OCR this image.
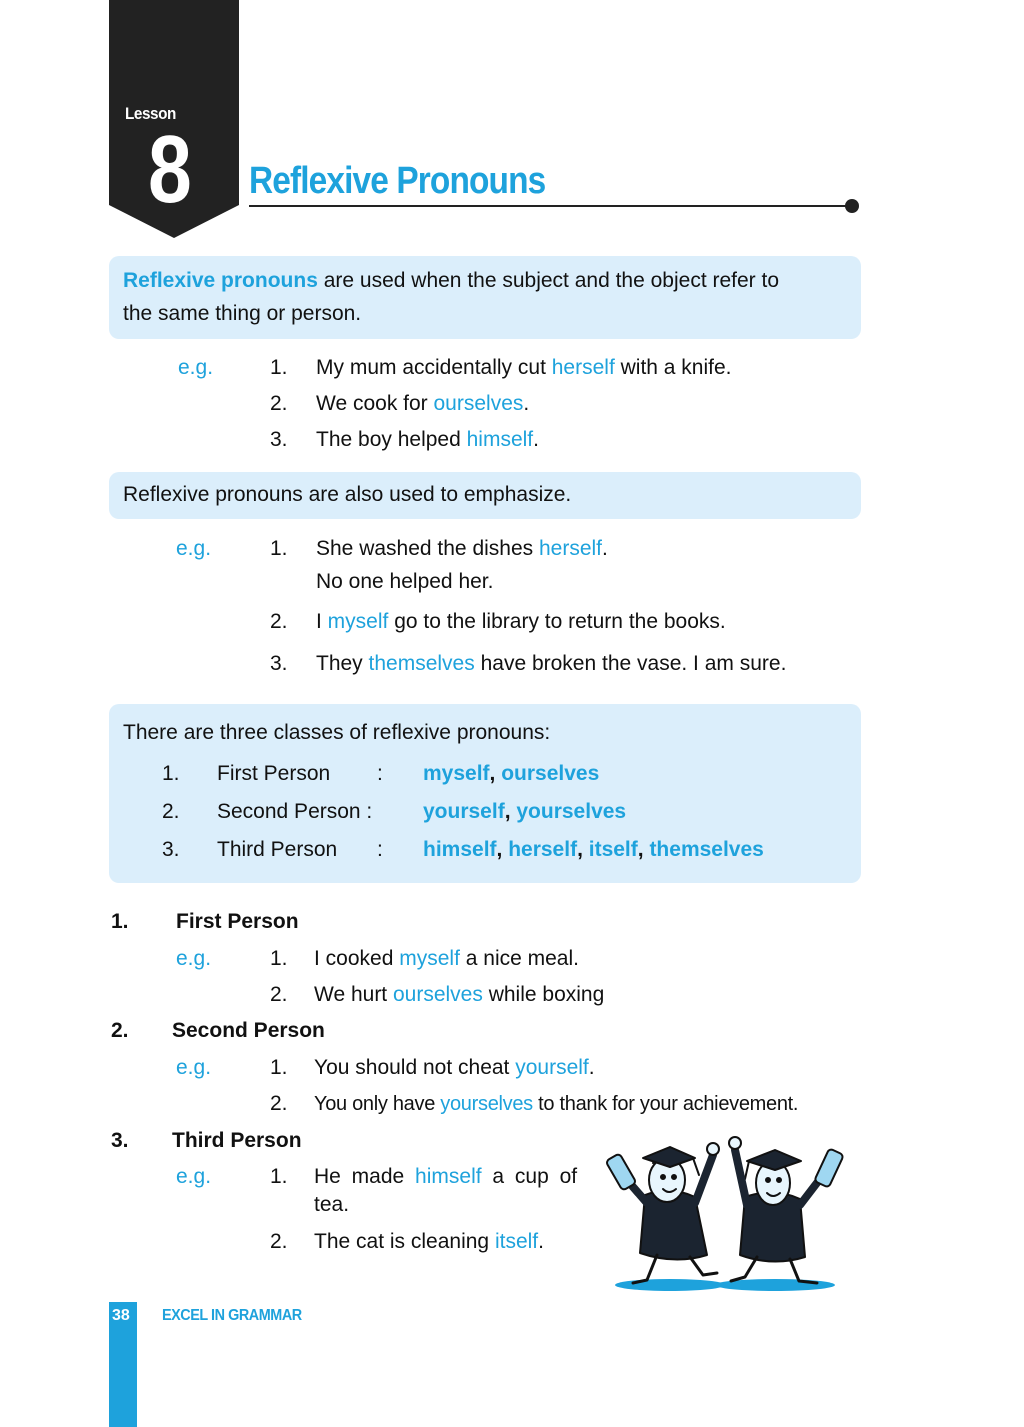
Lesson
8 Reflexive Pronouns
Reflexive pronouns are used when the subject and the object refer to
the same thing or person.
e.g.	1. My mum accidentally cut herself with a knife.
2. We cook for ourselves.
3. The boy helped himself.
Reflexive pronouns are also used to emphasize.
e.g.	1. She washed the dishes herself.
No one helped her.
2. I myself go to the library to return the books.
3. They themselves have broken the vase. I am sure.
There are three classes of reflexive pronouns:
1. First Person : myself, ourselves
2. Second Person : yourself, yourselves
3. Third Person : himself, herself, itself, themselves
1. First Person
e.g.	1. I cooked myself a nice meal.
2. We hurt ourselves while boxing
2. Second Person
e.g.	1. You should not cheat yourself.
2. You only have yourselves to thank for your achievement.
3. Third Person
e.g.	1. He made himself a cup of
tea.
2. The cat is cleaning itself.
38 EXCEL IN GRAMMAR
